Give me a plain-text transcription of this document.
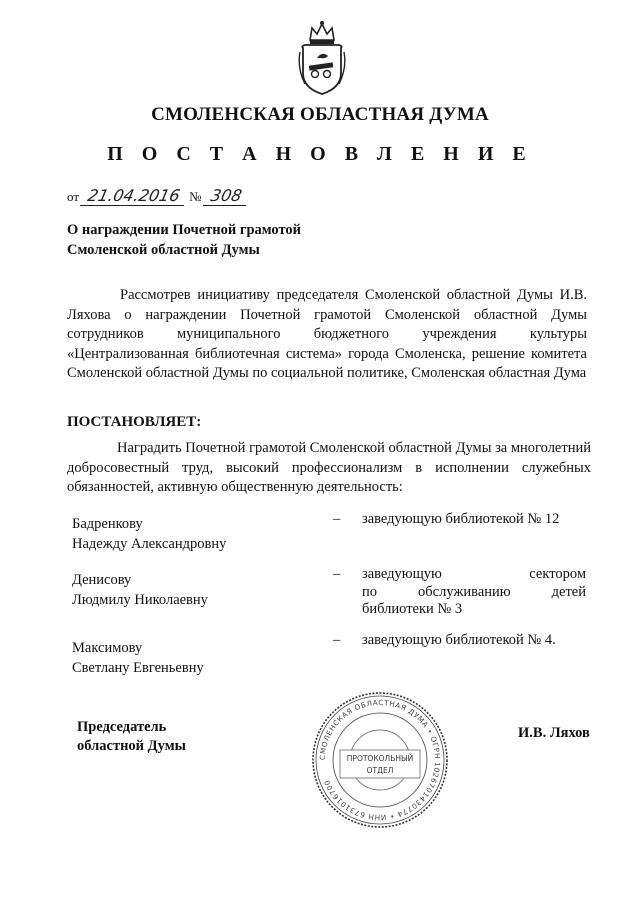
СМОЛЕНСКАЯ ОБЛАСТНАЯ ДУМА
П О С Т А Н О В Л Е Н И Е
от 21.04.2016 № 308
О награждении Почетной грамотой
Смоленской областной Думы
Рассмотрев инициативу председателя Смоленской областной Думы И.В. Ляхова о награждении Почетной грамотой Смоленской областной Думы сотрудников муниципального бюджетного учреждения культуры «Централизованная библиотечная система» города Смоленска, решение комитета Смоленской областной Думы по социальной политике, Смоленская областная Дума
ПОСТАНОВЛЯЕТ:
Наградить Почетной грамотой Смоленской областной Думы за многолетний добросовестный труд, высокий профессионализм в исполнении служебных обязанностей, активную общественную деятельность:
Бадренкову
Надежду Александровну
– заведующую библиотекой № 12
Денисову
Людмилу Николаевну
– заведующую сектором
по обслуживанию детей
библиотеки № 3
Максимову
Светлану Евгеньевну
– заведующую библиотекой № 4.
Председатель
областной Думы
И.В. Ляхов
СМОЛЕНСКАЯ ОБЛАСТНАЯ ДУМА • ОГРН 1026701430774 • ИНН 6731016700
ПРОТОКОЛЬНЫЙ
ОТДЕЛ
